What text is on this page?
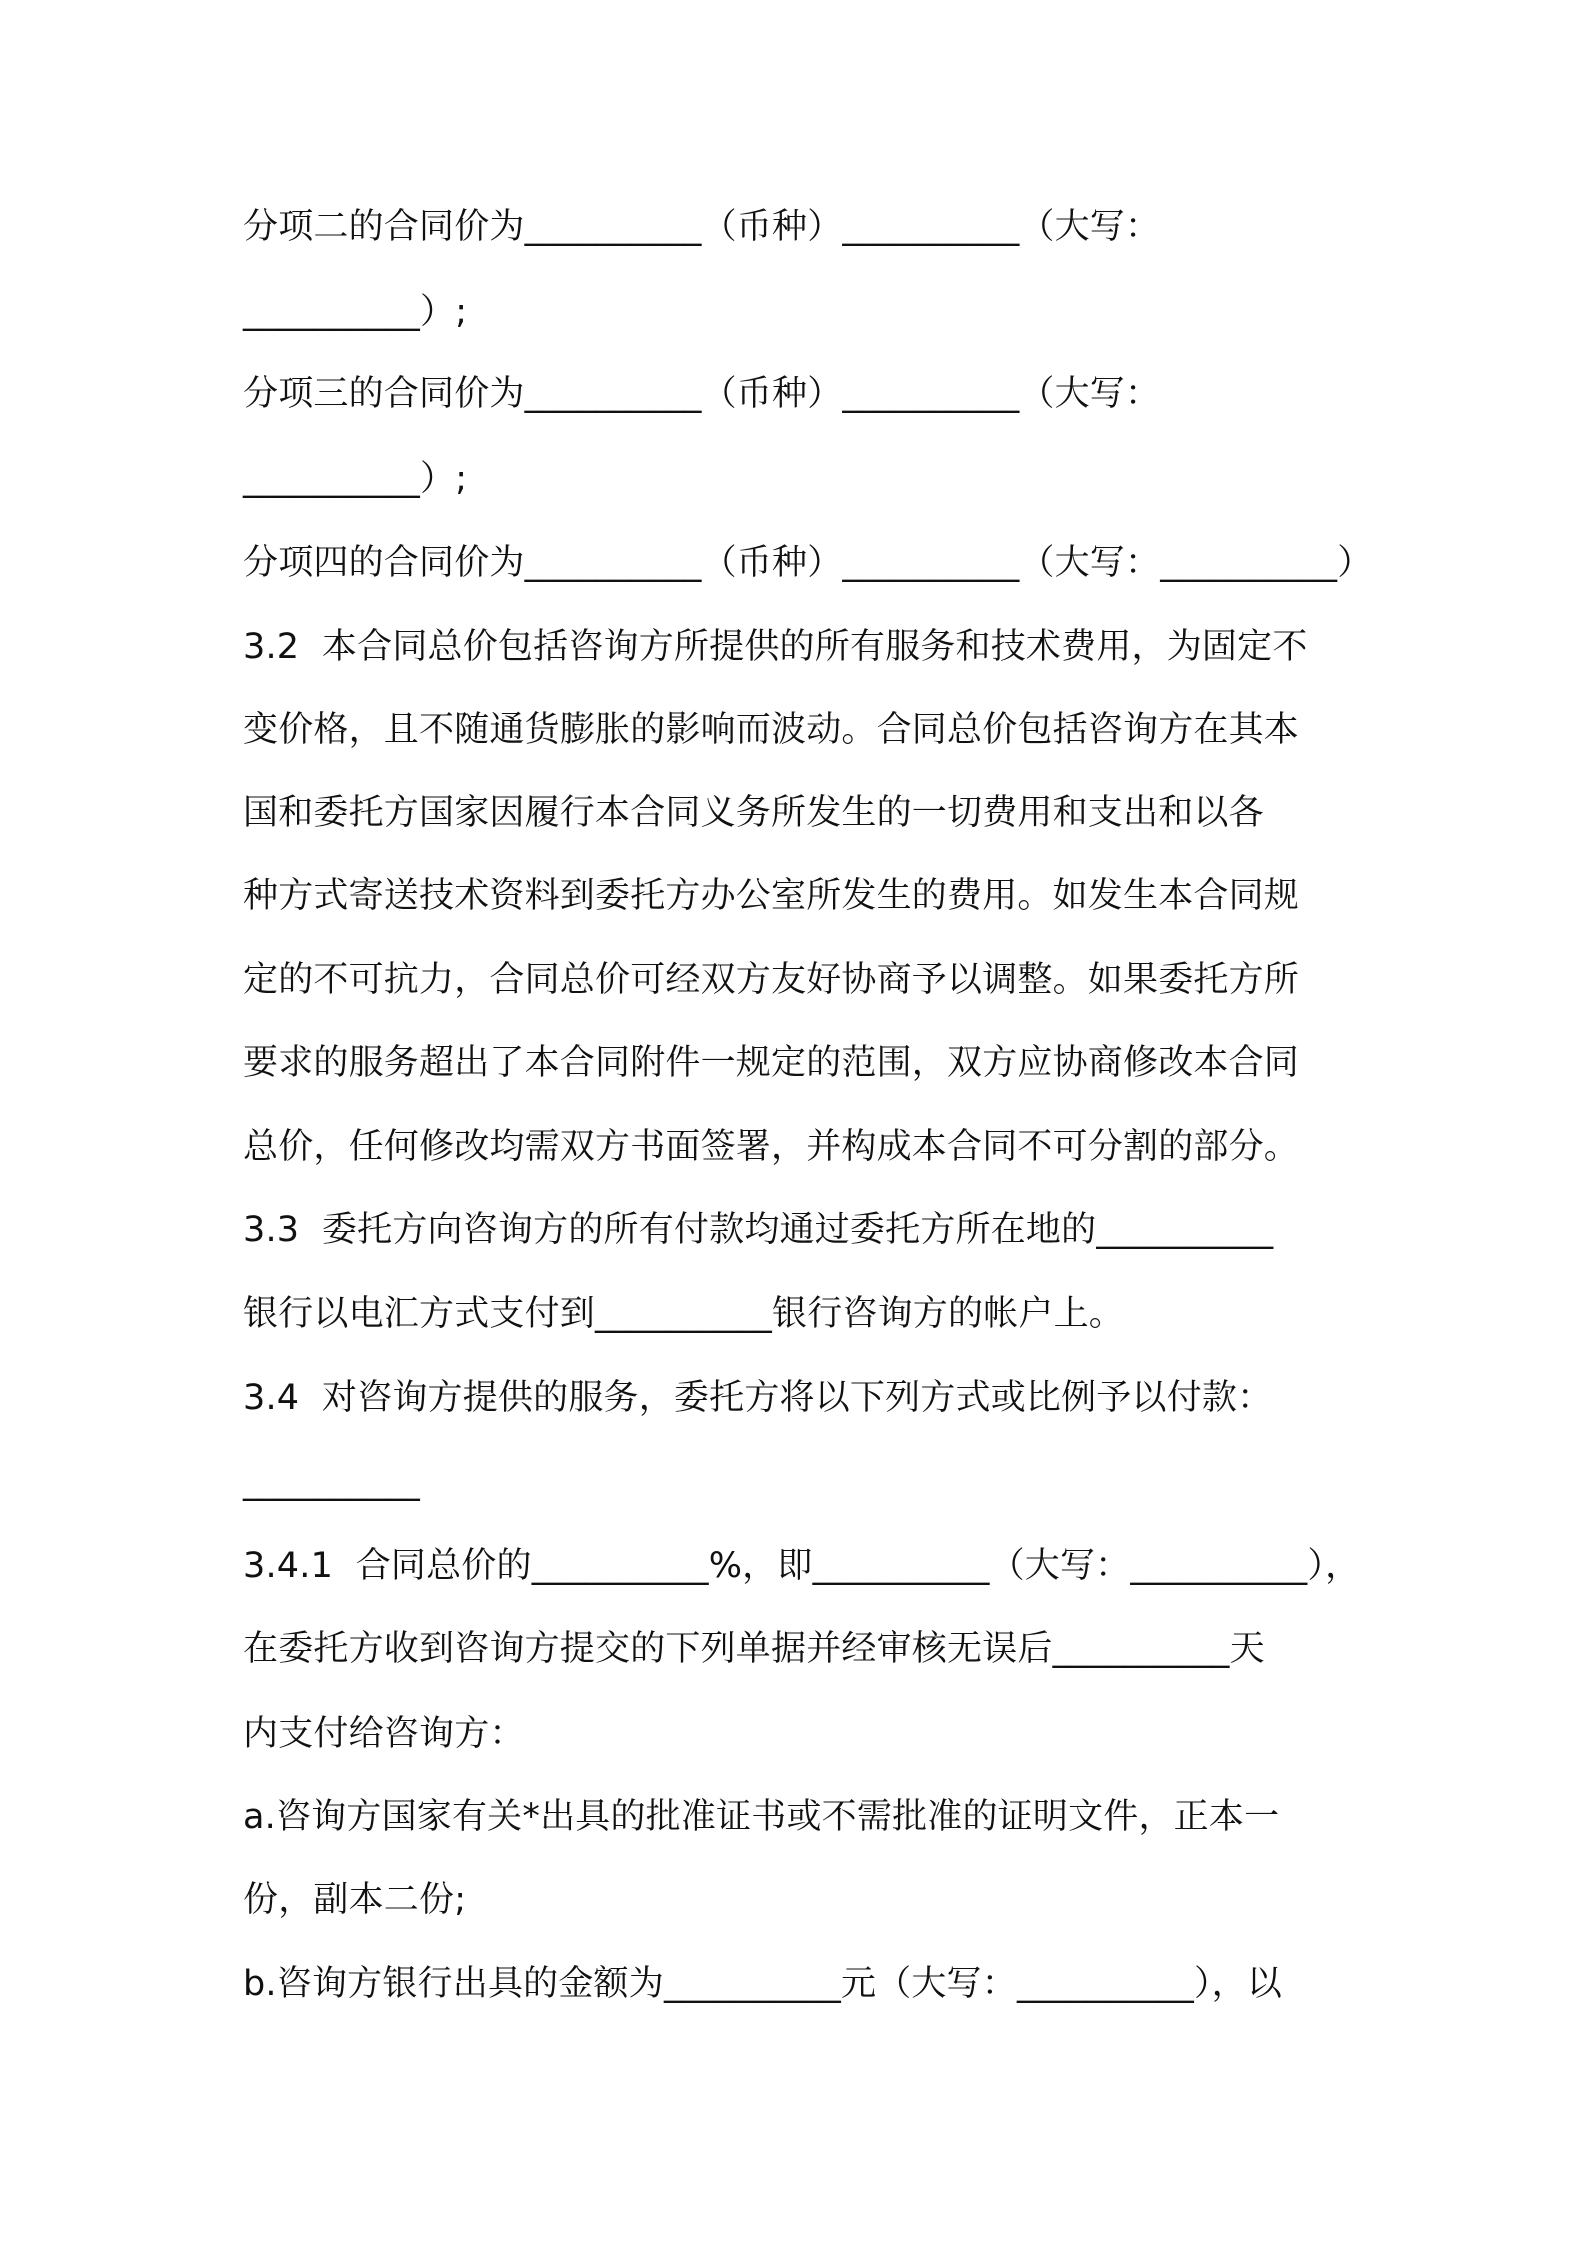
分项二的合同价为__________（币种）__________（大写：
__________）;
分项三的合同价为__________（币种）__________（大写：
__________）;
分项四的合同价为__________（币种）__________（大写：__________）
3.2  本合同总价包括咨询方所提供的所有服务和技术费用，为固定不
变价格，且不随通货膨胀的影响而波动。合同总价包括咨询方在其本
国和委托方国家因履行本合同义务所发生的一切费用和支出和以各
种方式寄送技术资料到委托方办公室所发生的费用。如发生本合同规
定的不可抗力，合同总价可经双方友好协商予以调整。如果委托方所
要求的服务超出了本合同附件一规定的范围，双方应协商修改本合同
总价，任何修改均需双方书面签署，并构成本合同不可分割的部分。
3.3  委托方向咨询方的所有付款均通过委托方所在地的__________
银行以电汇方式支付到__________银行咨询方的帐户上。
3.4  对咨询方提供的服务，委托方将以下列方式或比例予以付款：
__________
3.4.1  合同总价的__________%，即__________（大写：__________），
在委托方收到咨询方提交的下列单据并经审核无误后__________天
内支付给咨询方：
a.咨询方国家有关*出具的批准证书或不需批准的证明文件，正本一
份，副本二份;
b.咨询方银行出具的金额为__________元（大写：__________），以
